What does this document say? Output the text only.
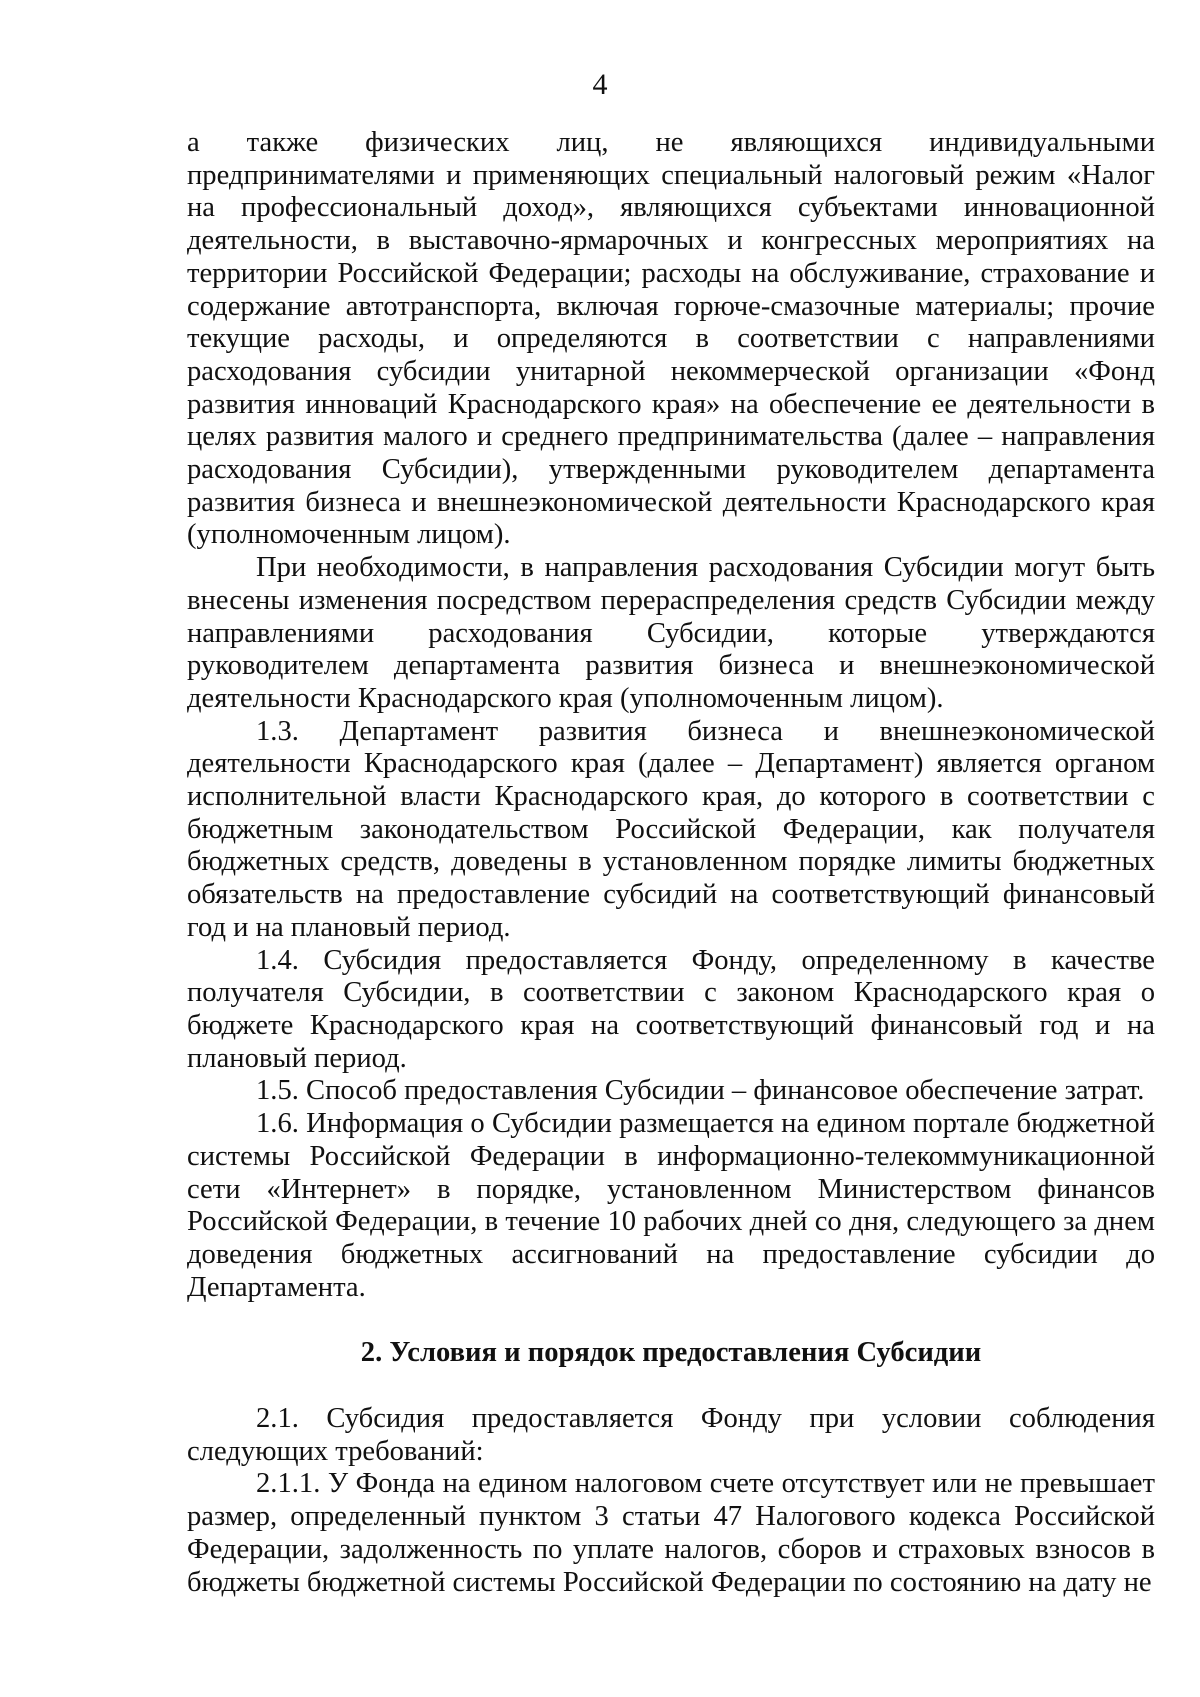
4

а также физических лиц, не являющихся индивидуальными предпринимателями и применяющих специальный налоговый режим «Налог на профессиональный доход», являющихся субъектами инновационной деятельности, в выставочно-ярмарочных и конгрессных мероприятиях на территории Российской Федерации; расходы на обслуживание, страхование и содержание автотранспорта, включая горюче-смазочные материалы; прочие текущие расходы, и определяются в соответствии с направлениями расходования субсидии унитарной некоммерческой организации «Фонд развития инноваций Краснодарского края» на обеспечение ее деятельности в целях развития малого и среднего предпринимательства (далее – направления расходования Субсидии), утвержденными руководителем департамента развития бизнеса и внешнеэкономической деятельности Краснодарского края (уполномоченным лицом).

При необходимости, в направления расходования Субсидии могут быть внесены изменения посредством перераспределения средств Субсидии между направлениями расходования Субсидии, которые утверждаются руководителем департамента развития бизнеса и внешнеэкономической деятельности Краснодарского края (уполномоченным лицом).

1.3. Департамент развития бизнеса и внешнеэкономической деятельности Краснодарского края (далее – Департамент) является органом исполнительной власти Краснодарского края, до которого в соответствии с бюджетным законодательством Российской Федерации, как получателя бюджетных средств, доведены в установленном порядке лимиты бюджетных обязательств на предоставление субсидий на соответствующий финансовый год и на плановый период.

1.4. Субсидия предоставляется Фонду, определенному в качестве получателя Субсидии, в соответствии с законом Краснодарского края о бюджете Краснодарского края на соответствующий финансовый год и на плановый период.

1.5. Способ предоставления Субсидии – финансовое обеспечение затрат.

1.6. Информация о Субсидии размещается на едином портале бюджетной системы Российской Федерации в информационно-телекоммуникационной сети «Интернет» в порядке, установленном Министерством финансов Российской Федерации, в течение 10 рабочих дней со дня, следующего за днем доведения бюджетных ассигнований на предоставление субсидии до Департамента.

2. Условия и порядок предоставления Субсидии

2.1. Субсидия предоставляется Фонду при условии соблюдения следующих требований:

2.1.1. У Фонда на едином налоговом счете отсутствует или не превышает размер, определенный пунктом 3 статьи 47 Налогового кодекса Российской Федерации, задолженность по уплате налогов, сборов и страховых взносов в бюджеты бюджетной системы Российской Федерации по состоянию на дату не
